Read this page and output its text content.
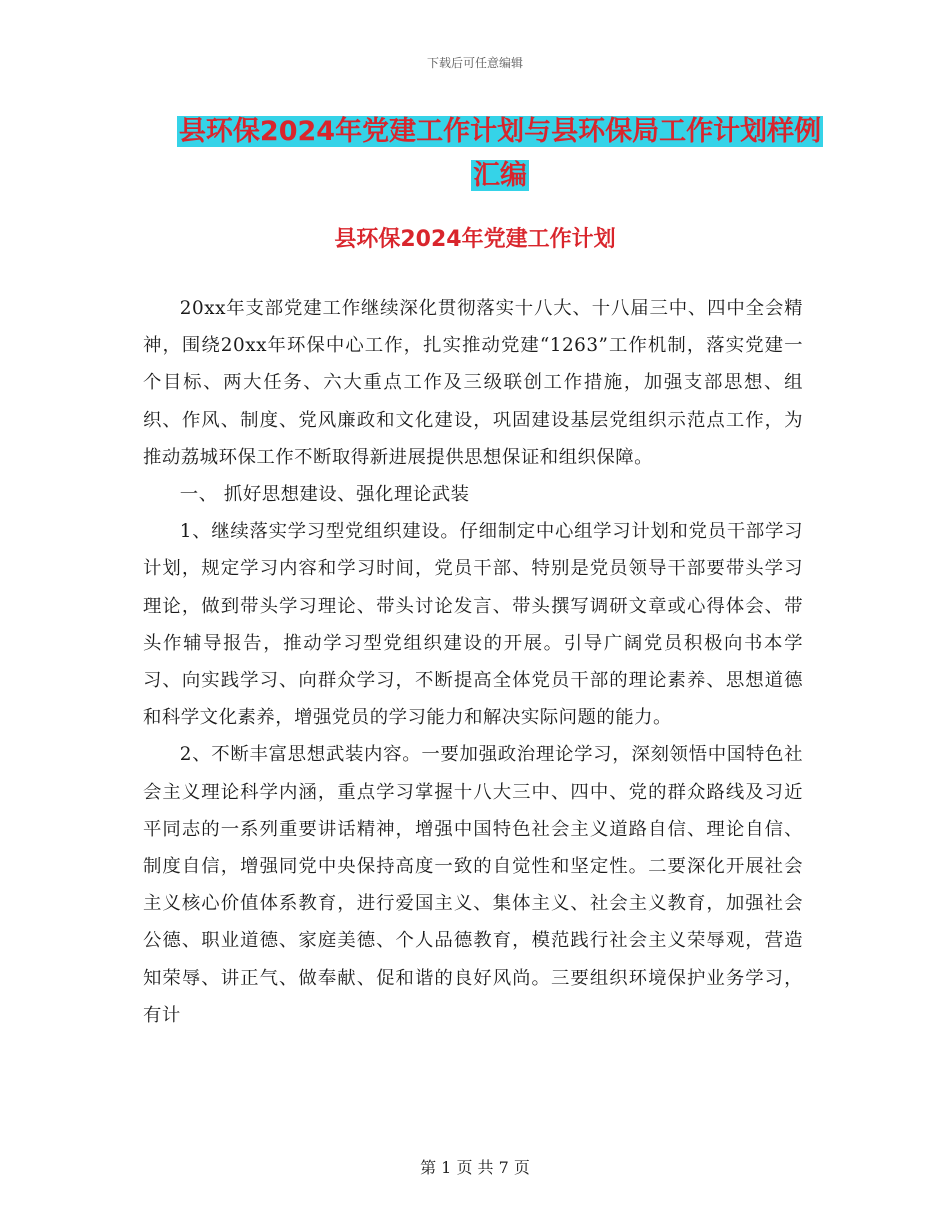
下载后可任意编辑
县环保2024年党建工作计划与县环保局工作计划样例
汇编
县环保2024年党建工作计划

20xx年支部党建工作继续深化贯彻落实十八大、十八届三中、四中全会精神，围绕20xx年环保中心工作，扎实推动党建“1263”工作机制，落实党建一个目标、两大任务、六大重点工作及三级联创工作措施，加强支部思想、组织、作风、制度、党风廉政和文化建设，巩固建设基层党组织示范点工作，为推动荔城环保工作不断取得新进展提供思想保证和组织保障。

一、 抓好思想建设、强化理论武装

1、继续落实学习型党组织建设。仔细制定中心组学习计划和党员干部学习计划，规定学习内容和学习时间，党员干部、特别是党员领导干部要带头学习理论，做到带头学习理论、带头讨论发言、带头撰写调研文章或心得体会、带头作辅导报告，推动学习型党组织建设的开展。引导广阔党员积极向书本学习、向实践学习、向群众学习，不断提高全体党员干部的理论素养、思想道德和科学文化素养，增强党员的学习能力和解决实际问题的能力。

2、不断丰富思想武装内容。一要加强政治理论学习，深刻领悟中国特色社会主义理论科学内涵，重点学习掌握十八大三中、四中、党的群众路线及习近平同志的一系列重要讲话精神，增强中国特色社会主义道路自信、理论自信、制度自信，增强同党中央保持高度一致的自觉性和坚定性。二要深化开展社会主义核心价值体系教育，进行爱国主义、集体主义、社会主义教育，加强社会公德、职业道德、家庭美德、个人品德教育，模范践行社会主义荣辱观，营造知荣辱、讲正气、做奉献、促和谐的良好风尚。三要组织环境保护业务学习，有计

第 1 页 共 7 页
